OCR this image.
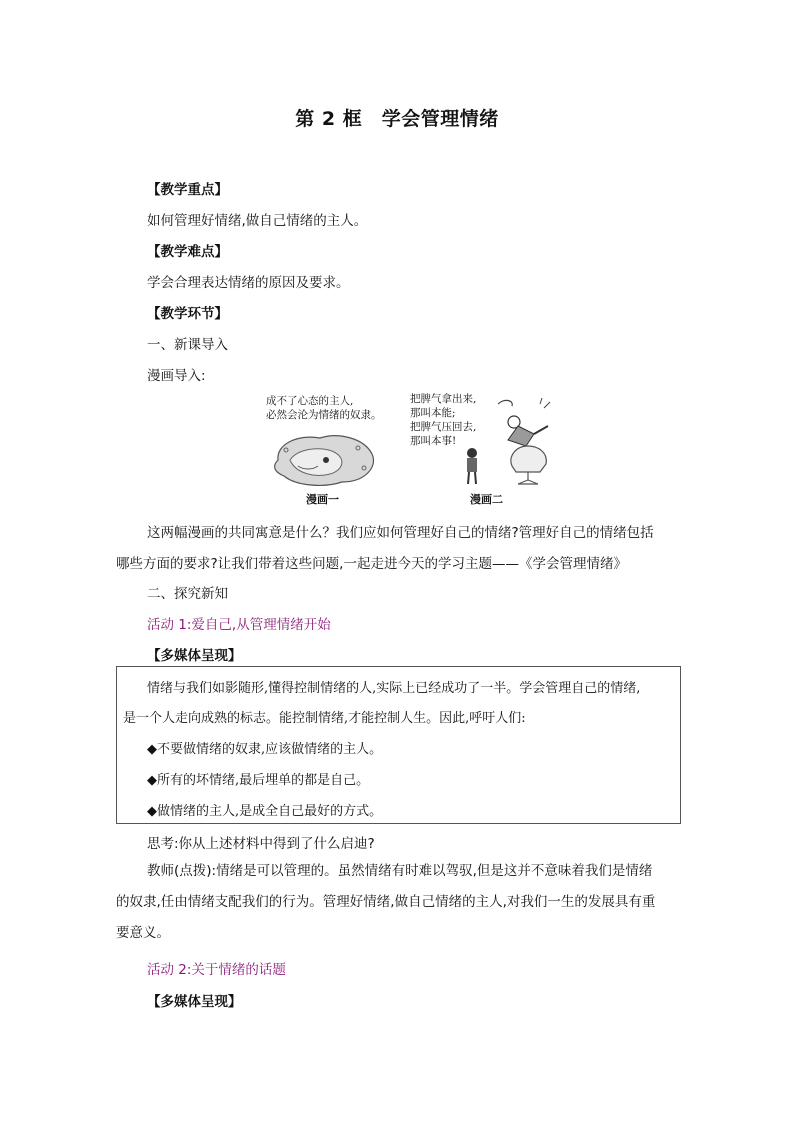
第 2 框　学会管理情绪
【教学重点】
如何管理好情绪,做自己情绪的主人。
【教学难点】
学会合理表达情绪的原因及要求。
【教学环节】
一、新课导入
漫画导入:
成不了心态的主人,
必然会沦为情绪的奴隶。
漫画一
把脾气拿出来,
那叫本能;
把脾气压回去,
那叫本事!
漫画二

这两幅漫画的共同寓意是什么？我们应如何管理好自己的情绪?管理好自己的情绪包括

哪些方面的要求?让我们带着这些问题,一起走进今天的学习主题——《学会管理情绪》
二、探究新知
活动 1:爱自己,从管理情绪开始
【多媒体呈现】
情绪与我们如影随形,懂得控制情绪的人,实际上已经成功了一半。学会管理自己的情绪,
是一个人走向成熟的标志。能控制情绪,才能控制人生。因此,呼吁人们:
◆不要做情绪的奴隶,应该做情绪的主人。
◆所有的坏情绪,最后埋单的都是自己。
◆做情绪的主人,是成全自己最好的方式。
思考:你从上述材料中得到了什么启迪?

教师(点拨):情绪是可以管理的。虽然情绪有时难以驾驭,但是这并不意味着我们是情绪

的奴隶,任由情绪支配我们的行为。管理好情绪,做自己情绪的主人,对我们一生的发展具有重
要意义。
活动 2:关于情绪的话题
【多媒体呈现】
